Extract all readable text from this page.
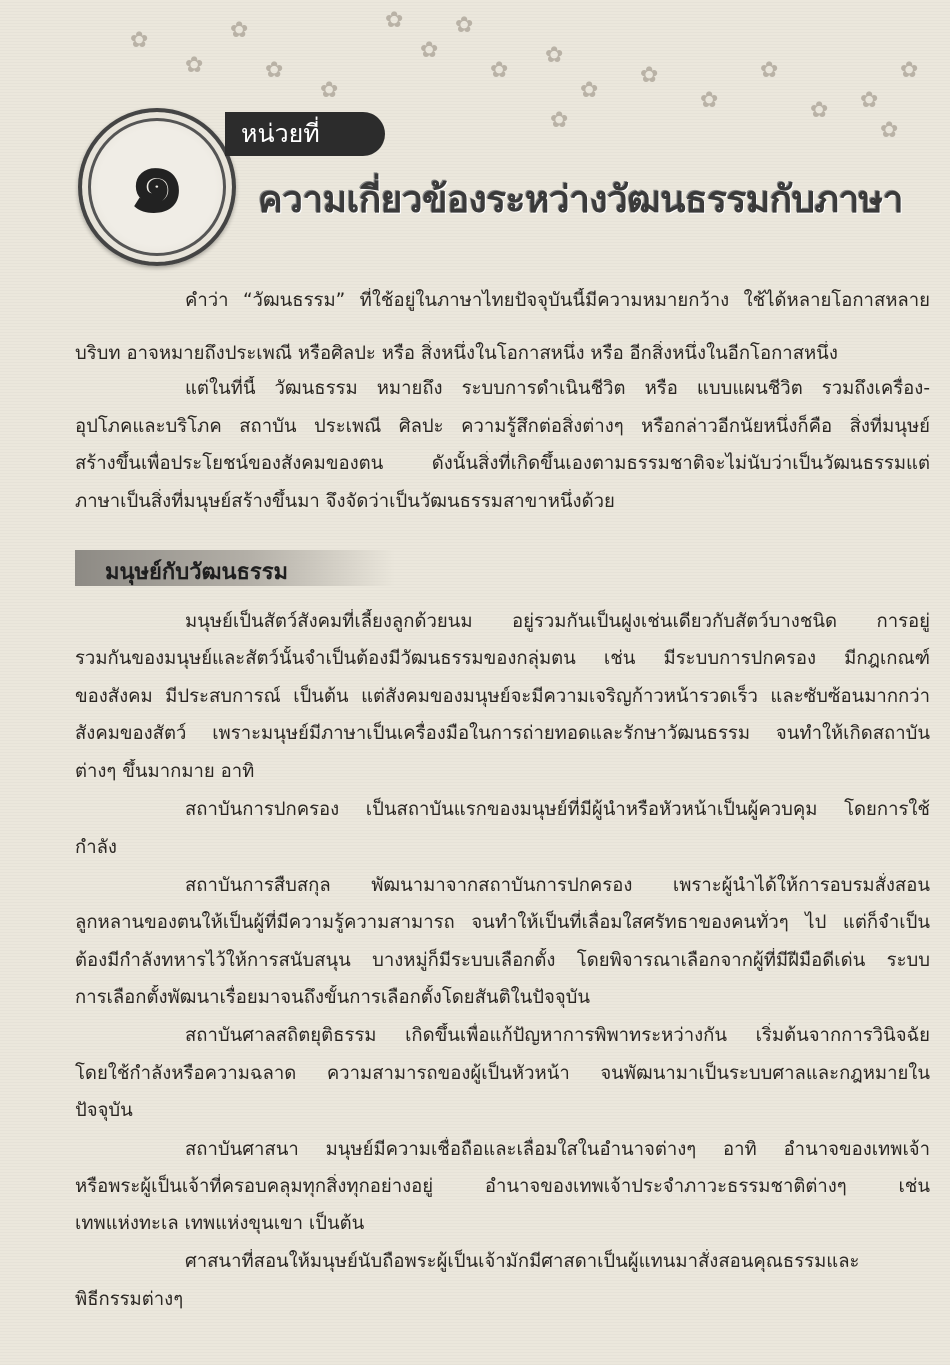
✿
✿
✿
✿
✿
✿
✿
✿
✿
✿
✿
✿
✿
✿
✿ ✿
✿
✿	✿
๑	หน่วยที่
ความเกี่ยวข้องระหว่างวัฒนธรรมกับภาษา
คำว่า “วัฒนธรรม” ที่ใช้อยู่ในภาษาไทยปัจจุบันนี้มีความหมายกว้าง ใช้ได้หลายโอกาสหลาย
บริบท อาจหมายถึงประเพณี หรือศิลปะ หรือ สิ่งหนึ่งในโอกาสหนึ่ง หรือ อีกสิ่งหนึ่งในอีกโอกาสหนึ่ง
แต่ในที่นี้ วัฒนธรรม หมายถึง ระบบการดำเนินชีวิต หรือ แบบแผนชีวิต รวมถึงเครื่อง-
อุปโภคและบริโภค สถาบัน ประเพณี ศิลปะ ความรู้สึกต่อสิ่งต่างๆ หรือกล่าวอีกนัยหนึ่งก็คือ สิ่งที่มนุษย์
สร้างขึ้นเพื่อประโยชน์ของสังคมของตน ดังนั้นสิ่งที่เกิดขึ้นเองตามธรรมชาติจะไม่นับว่าเป็นวัฒนธรรมแต่
ภาษาเป็นสิ่งที่มนุษย์สร้างขึ้นมา จึงจัดว่าเป็นวัฒนธรรมสาขาหนึ่งด้วย
มนุษย์กับวัฒนธรรม
มนุษย์เป็นสัตว์สังคมที่เลี้ยงลูกด้วยนม อยู่รวมกันเป็นฝูงเช่นเดียวกับสัตว์บางชนิด การอยู่
รวมกันของมนุษย์และสัตว์นั้นจำเป็นต้องมีวัฒนธรรมของกลุ่มตน เช่น มีระบบการปกครอง มีกฎเกณฑ์
ของสังคม มีประสบการณ์ เป็นต้น แต่สังคมของมนุษย์จะมีความเจริญก้าวหน้ารวดเร็ว และซับซ้อนมากกว่า
สังคมของสัตว์ เพราะมนุษย์มีภาษาเป็นเครื่องมือในการถ่ายทอดและรักษาวัฒนธรรม จนทำให้เกิดสถาบัน
ต่างๆ ขึ้นมากมาย อาทิ
สถาบันการปกครอง เป็นสถาบันแรกของมนุษย์ที่มีผู้นำหรือหัวหน้าเป็นผู้ควบคุม โดยการใช้
กำลัง
สถาบันการสืบสกุล พัฒนามาจากสถาบันการปกครอง เพราะผู้นำได้ให้การอบรมสั่งสอน
ลูกหลานของตนให้เป็นผู้ที่มีความรู้ความสามารถ จนทำให้เป็นที่เลื่อมใสศรัทธาของคนทั่วๆ ไป แต่ก็จำเป็น
ต้องมีกำลังทหารไว้ให้การสนับสนุน บางหมู่ก็มีระบบเลือกตั้ง โดยพิจารณาเลือกจากผู้ที่มีฝีมือดีเด่น ระบบ
การเลือกตั้งพัฒนาเรื่อยมาจนถึงขั้นการเลือกตั้งโดยสันติในปัจจุบัน
สถาบันศาลสถิตยุติธรรม เกิดขึ้นเพื่อแก้ปัญหาการพิพาทระหว่างกัน เริ่มต้นจากการวินิจฉัย
โดยใช้กำลังหรือความฉลาด ความสามารถของผู้เป็นหัวหน้า จนพัฒนามาเป็นระบบศาลและกฎหมายใน
ปัจจุบัน
สถาบันศาสนา มนุษย์มีความเชื่อถือและเลื่อมใสในอำนาจต่างๆ อาทิ อำนาจของเทพเจ้า
หรือพระผู้เป็นเจ้าที่ครอบคลุมทุกสิ่งทุกอย่างอยู่ อำนาจของเทพเจ้าประจำภาวะธรรมชาติต่างๆ เช่น
เทพแห่งทะเล เทพแห่งขุนเขา เป็นต้น
ศาสนาที่สอนให้มนุษย์นับถือพระผู้เป็นเจ้ามักมีศาสดาเป็นผู้แทนมาสั่งสอนคุณธรรมและ
พิธีกรรมต่างๆ
